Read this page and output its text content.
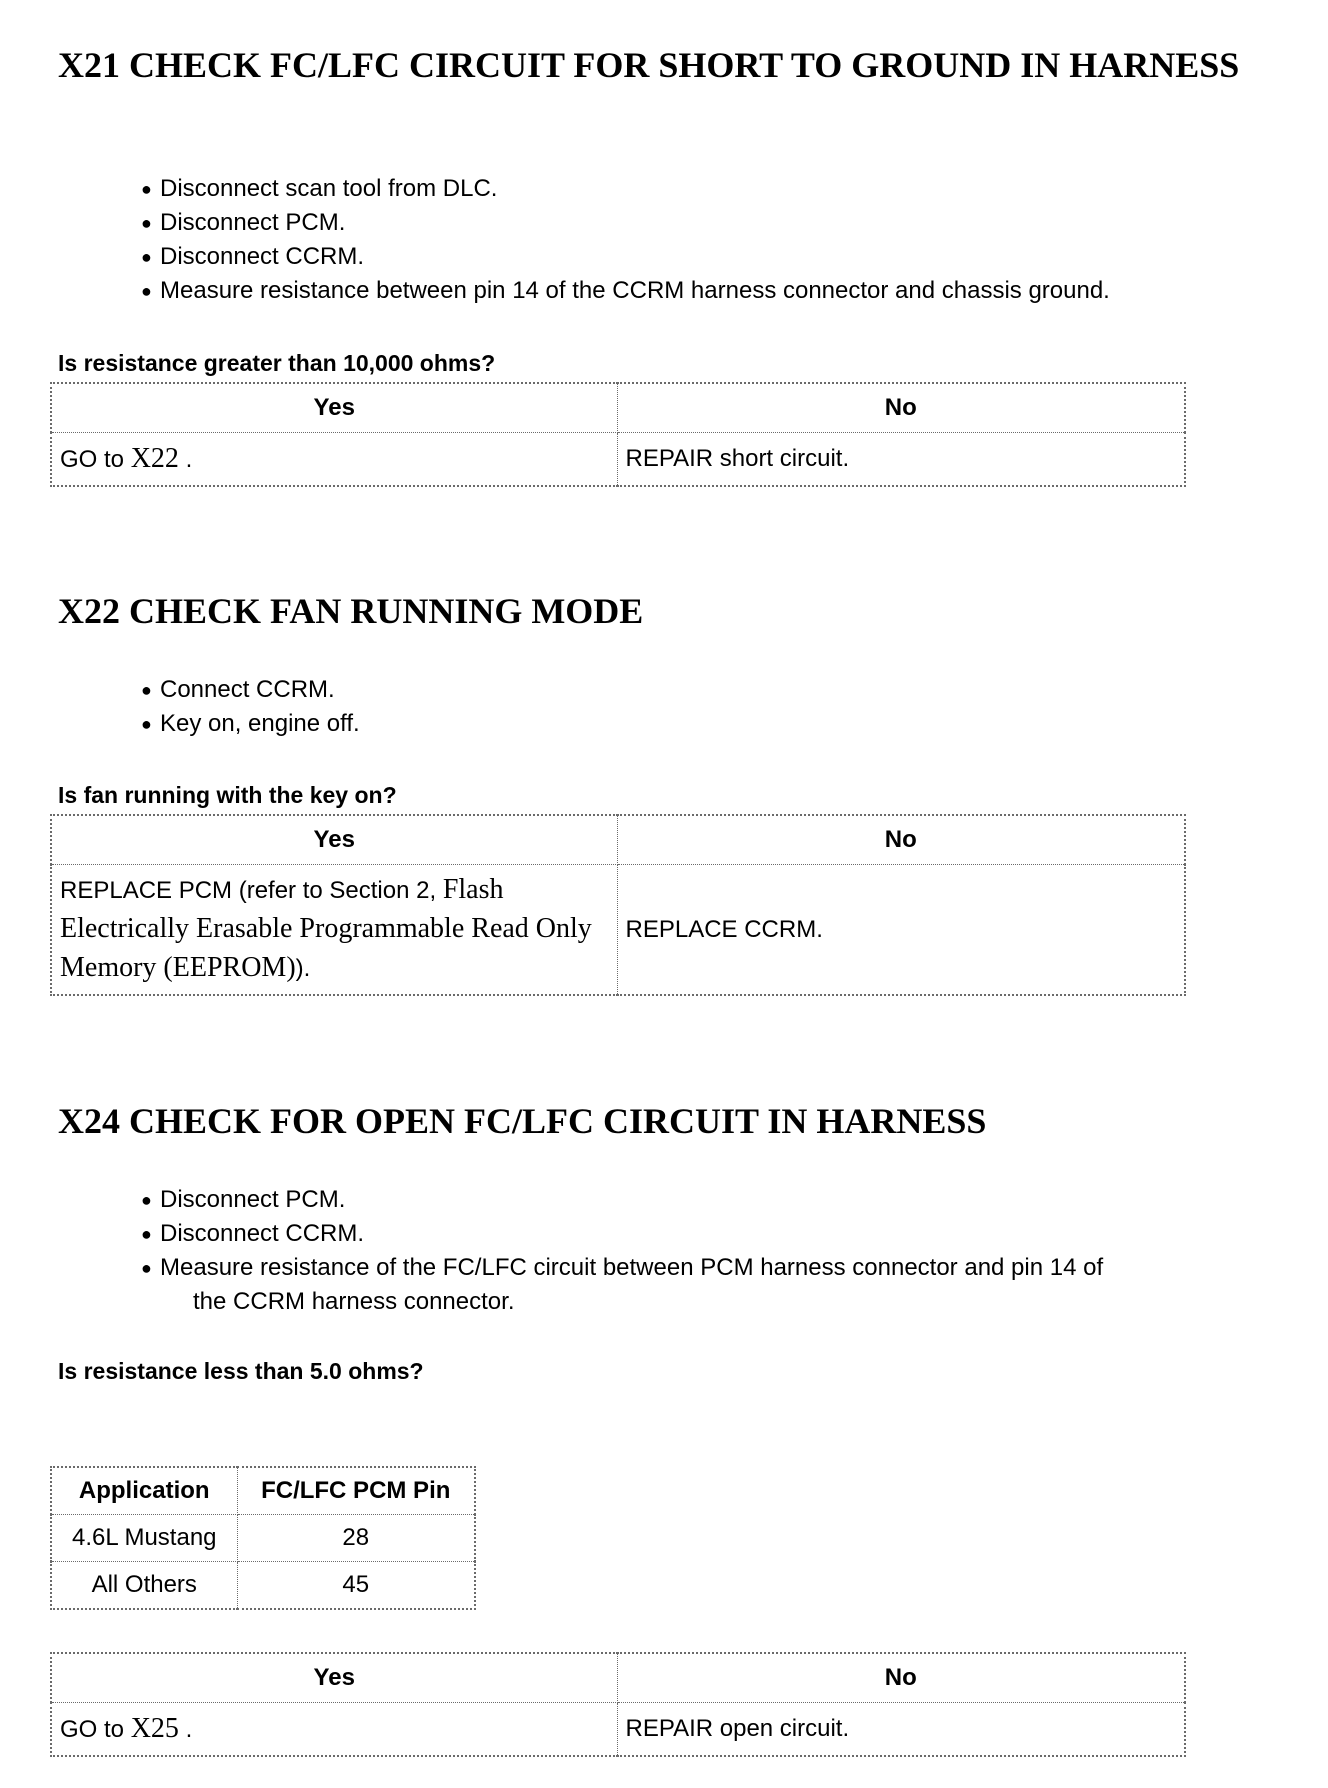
X21 CHECK FC/LFC CIRCUIT FOR SHORT TO GROUND IN HARNESS
● Disconnect scan tool from DLC.
● Disconnect PCM.
● Disconnect CCRM.
● Measure resistance between pin 14 of the CCRM harness connector and chassis ground.

Is resistance greater than 10,000 ohms?

Yes	No
GO to X22 .	REPAIR short circuit.
X22 CHECK FAN RUNNING MODE
● Connect CCRM.
● Key on, engine off.

Is fan running with the key on?

Yes	No
REPLACE PCM (refer to Section 2, Flash Electrically Erasable Programmable Read Only Memory (EEPROM)).	REPLACE CCRM.
X24 CHECK FOR OPEN FC/LFC CIRCUIT IN HARNESS
● Disconnect PCM.
● Disconnect CCRM.
● Measure resistance of the FC/LFC circuit between PCM harness connector and pin 14 of
the CCRM harness connector.

Is resistance less than 5.0 ohms?

Application	FC/LFC PCM Pin
4.6L Mustang	28
All Others	45
Yes	No
GO to X25 .	REPAIR open circuit.
